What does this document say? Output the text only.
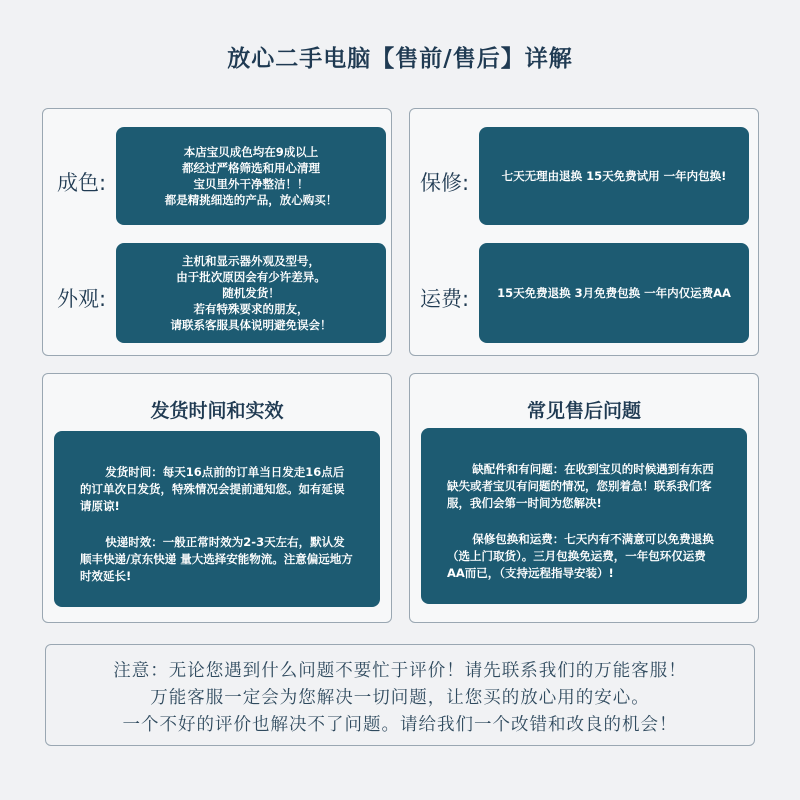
放心二手电脑【售前/售后】详解
成色:
本店宝贝成色均在9成以上
都经过严格筛选和用心清理
宝贝里外干净整洁！！
都是精挑细选的产品，放心购买！
外观:
主机和显示器外观及型号，
由于批次原因会有少许差异。
随机发货！
若有特殊要求的朋友，
请联系客服具体说明避免误会！
保修:	七天无理由退换 15天免费试用 一年内包换!
运费: 15天免费退换 3月免费包换 一年内仅运费AA
发货时间和实效

发货时间：每天16点前的订单当日发走16点后的订单次日发货，特殊情况会提前通知您。如有延误请原谅!

快递时效：一般正常时效为2-3天左右，默认发顺丰快递/京东快递 量大选择安能物流。注意偏远地方时效延长!

常见售后问题

缺配件和有问题：在收到宝贝的时候遇到有东西缺失或者宝贝有问题的情况，您别着急！联系我们客服，我们会第一时间为您解决!

保修包换和运费：七天内有不满意可以免费退换（选上门取货）。三月包换免运费，一年包环仅运费AA而已，（支持远程指导安装）!

注意：无论您遇到什么问题不要忙于评价！请先联系我们的万能客服！
万能客服一定会为您解决一切问题，让您买的放心用的安心。
一个不好的评价也解决不了问题。请给我们一个改错和改良的机会！
